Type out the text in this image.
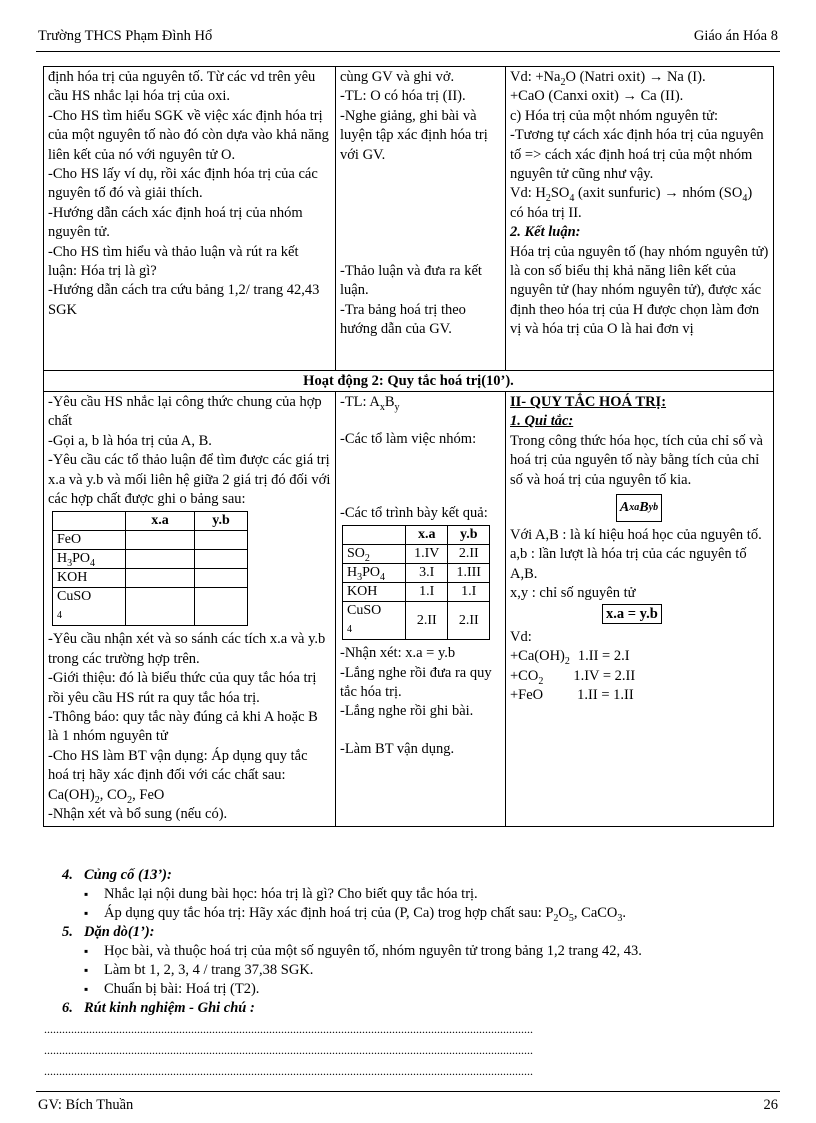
Trường THCS Phạm Đình Hổ	Giáo án Hóa 8

định hóa trị của nguyên tố. Từ các vd trên yêu cầu HS nhắc lại hóa trị của oxi.

-Cho HS tìm hiểu SGK về việc xác định hóa trị của một nguyên tố nào đó còn dựa vào khả năng liên kết của nó với nguyên tử O.

-Cho HS lấy ví dụ, rồi xác định hóa trị của các nguyên tố đó và giải thích.

-Hướng dẫn cách xác định hoá trị của nhóm nguyên tử.

-Cho HS tìm hiểu và thảo luận và rút ra kết luận: Hóa trị là gì?

-Hướng dẫn cách tra cứu bảng 1,2/ trang 42,43 SGK

cùng GV và ghi vở.

-TL: O có hóa trị (II).

-Nghe giảng, ghi bài và luyện tập xác định hóa trị với GV.

-Thảo luận và đưa ra kết luận.

-Tra bảng hoá trị theo hướng dẫn của GV.

Vd: $+Na_2O$ (Natri oxit) → Na (I).

+CaO (Canxi oxit) → Ca (II).

c) Hóa trị của một nhóm nguyên tử:

-Tương tự cách xác định hóa trị của nguyên tố => cách xác định hoá trị của một nhóm nguyên tử cũng như vậy.

Vd: $H_2SO_4$ (axit sunfuric) → nhóm $(SO_4)$ có hóa trị II.

2. Kết luận:

Hóa trị của nguyên tố (hay nhóm nguyên tử) là con số biểu thị khả năng liên kết của nguyên tử (hay nhóm nguyên tử), được xác định theo hóa trị của H được chọn làm đơn vị và hóa trị của O là hai đơn vị

Hoạt động 2: Quy tắc hoá trị(10’).

-Yêu cầu HS nhắc lại công thức chung của hợp chất

-Gọi a, b là hóa trị của A, B.

-Yêu cầu các tổ thảo luận để tìm được các giá trị x.a và y.b và mối liên hệ giữa 2 giá trị đó đối với các hợp chất được ghi o bảng sau:

	x.a	y.b
FeO		
$H_3PO_4$		
KOH		
CuSO
4		

-Yêu cầu nhận xét và so sánh các tích x.a và y.b trong các trường hợp trên.

-Giới thiệu: đó là biểu thức của quy tắc hóa trị rồi yêu cầu HS rút ra quy tắc hóa trị.

-Thông báo: quy tắc này đúng cả khi A hoặc B là 1 nhóm nguyên tử

-Cho HS làm BT vận dụng: Áp dụng quy tắc hoá trị hãy xác định đối với các chất sau: $Ca(OH)_2$, $CO_2$, FeO

-Nhận xét và bổ sung (nếu có).

-TL: $A_xB_y$

-Các tổ làm việc nhóm:

-Các tổ trình bày kết quả:

	x.a	y.b
$SO_2$	1.IV	2.II
$H_3PO_4$	3.I	1.III
KOH	1.I	1.I
CuSO
4	2.II	2.II

-Nhận xét: x.a = y.b

-Lắng nghe rồi đưa ra quy tắc hóa trị.

-Lắng nghe rồi ghi bài.

-Làm BT vận dụng.

II- QUY TẮC HOÁ TRỊ:

1. Qui tắc:

Trong công thức hóa học, tích của chỉ số và hoá trị của nguyên tố này bằng tích của chỉ số và hoá trị của nguyên tố kia.

A x a B y b

Với A,B : là kí hiệu hoá học của nguyên tố.

a,b : lần lượt là hóa trị của các nguyên tố A,B.

x,y : chỉ số nguyên tử

x.a = y.b

Vd:

$+Ca(OH)_2$ 1.II = 2.I

$+CO_2$ 1.IV = 2.II

+FeO 1.II = 1.II

4. Củng cố (13’):
▪ Nhắc lại nội dung bài học: hóa trị là gì? Cho biết quy tắc hóa trị.
▪ Áp dụng quy tắc hóa trị: Hãy xác định hoá trị của (P, Ca) trog hợp chất sau: $P_2O_5$, CaCO$_3$.
5. Dặn dò(1’):
▪ Học bài, và thuộc hoá trị của một số nguyên tố, nhóm nguyên tử trong bảng 1,2 trang 42, 43.
▪ Làm bt 1, 2, 3, 4 / trang 37,38 SGK.
▪ Chuẩn bị bài: Hoá trị (T2).
6. Rút kinh nghiệm - Ghi chú :
...................................................................................................................................................................
...................................................................................................................................................................
...................................................................................................................................................................
GV: Bích Thuần	26
